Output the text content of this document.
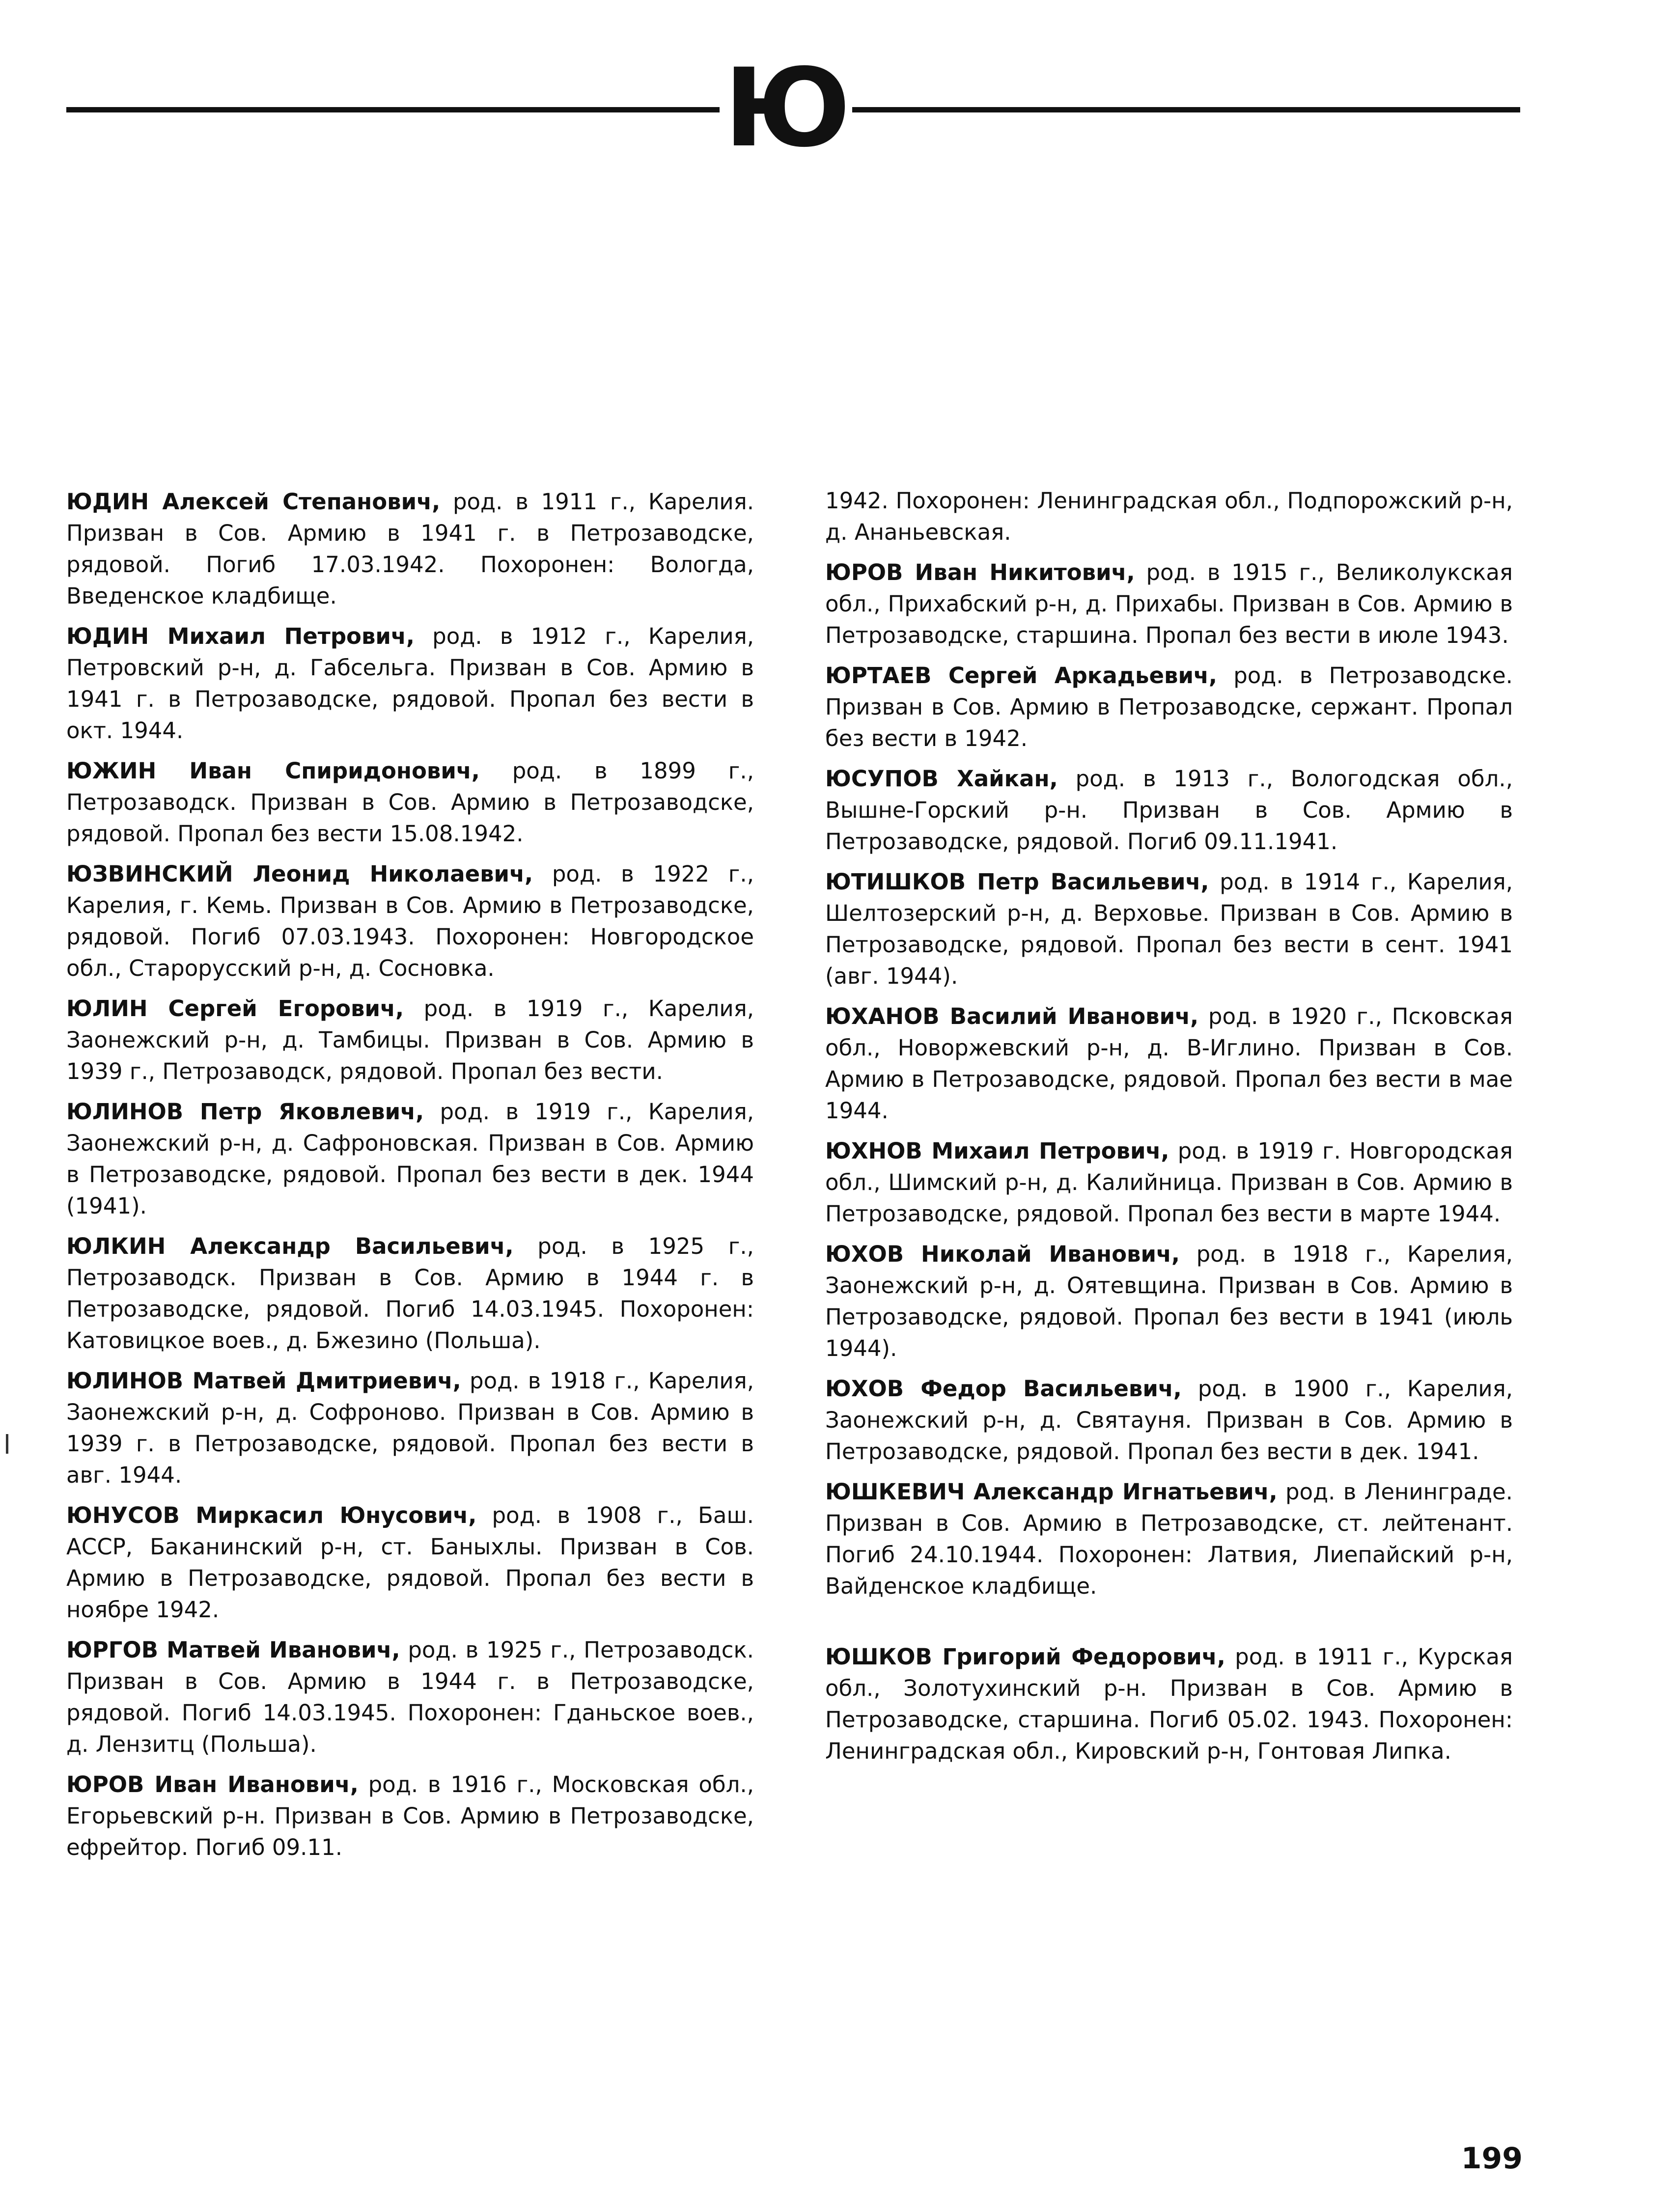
Ю

ЮДИН Алексей Степанович, род. в 1911 г., Карелия. Призван в Сов. Армию в 1941 г. в Петрозаводске, рядовой. Погиб 17.03.1942. Похоронен: Вологда, Введенское кладбище.

ЮДИН Михаил Петрович, род. в 1912 г., Карелия, Петровский р-н, д. Габсельга. Призван в Сов. Армию в 1941 г. в Петрозаводске, рядовой. Пропал без вести в окт. 1944.

ЮЖИН Иван Спиридонович, род. в 1899 г., Петрозаводск. Призван в Сов. Армию в Петрозаводске, рядовой. Пропал без вести 15.08.1942.

ЮЗВИНСКИЙ Леонид Николаевич, род. в 1922 г., Карелия, г. Кемь. Призван в Сов. Армию в Петрозаводске, рядовой. Погиб 07.03.1943. Похоронен: Новгородское обл., Старорусский р-н, д. Сосновка.

ЮЛИН Сергей Егорович, род. в 1919 г., Карелия, Заонежский р-н, д. Тамбицы. Призван в Сов. Армию в 1939 г., Петрозаводск, рядовой. Пропал без вести.

ЮЛИНОВ Петр Яковлевич, род. в 1919 г., Карелия, Заонежский р-н, д. Сафроновская. Призван в Сов. Армию в Петрозаводске, рядовой. Пропал без вести в дек. 1944 (1941).

ЮЛКИН Александр Васильевич, род. в 1925 г., Петрозаводск. Призван в Сов. Армию в 1944 г. в Петрозаводске, рядовой. Погиб 14.03.1945. Похоронен: Катовицкое воев., д. Бжезино (Польша).

ЮЛИНОВ Матвей Дмитриевич, род. в 1918 г., Карелия, Заонежский р-н, д. Софроново. Призван в Сов. Армию в 1939 г. в Петрозаводске, рядовой. Пропал без вести в авг. 1944.

ЮНУСОВ Миркасил Юнусович, род. в 1908 г., Баш. АССР, Баканинский р-н, ст. Баныхлы. Призван в Сов. Армию в Петрозаводске, рядовой. Пропал без вести в ноябре 1942.

ЮРГОВ Матвей Иванович, род. в 1925 г., Петрозаводск. Призван в Сов. Армию в 1944 г. в Петрозаводске, рядовой. Погиб 14.03.1945. Похоронен: Гданьское воев., д. Лензитц (Польша).

ЮРОВ Иван Иванович, род. в 1916 г., Московская обл., Егорьевский р-н. Призван в Сов. Армию в Петрозаводске, ефрейтор. Погиб 09.11.

1942. Похоронен: Ленинградская обл., Подпорожский р-н, д. Ананьевская.

ЮРОВ Иван Никитович, род. в 1915 г., Великолукская обл., Прихабский р-н, д. Прихабы. Призван в Сов. Армию в Петрозаводске, старшина. Пропал без вести в июле 1943.

ЮРТАЕВ Сергей Аркадьевич, род. в Петрозаводске. Призван в Сов. Армию в Петрозаводске, сержант. Пропал без вести в 1942.

ЮСУПОВ Хайкан, род. в 1913 г., Вологодская обл., Вышне-Горский р-н. Призван в Сов. Армию в Петрозаводске, рядовой. Погиб 09.11.1941.

ЮТИШКОВ Петр Васильевич, род. в 1914 г., Карелия, Шелтозерский р-н, д. Верховье. Призван в Сов. Армию в Петрозаводске, рядовой. Пропал без вести в сент. 1941 (авг. 1944).

ЮХАНОВ Василий Иванович, род. в 1920 г., Псковская обл., Новоржевский р-н, д. В-Иглино. Призван в Сов. Армию в Петрозаводске, рядовой. Пропал без вести в мае 1944.

ЮХНОВ Михаил Петрович, род. в 1919 г. Новгородская обл., Шимский р-н, д. Калийница. Призван в Сов. Армию в Петрозаводске, рядовой. Пропал без вести в марте 1944.

ЮХОВ Николай Иванович, род. в 1918 г., Карелия, Заонежский р-н, д. Оятевщина. Призван в Сов. Армию в Петрозаводске, рядовой. Пропал без вести в 1941 (июль 1944).

ЮХОВ Федор Васильевич, род. в 1900 г., Карелия, Заонежский р-н, д. Святауня. Призван в Сов. Армию в Петрозаводске, рядовой. Пропал без вести в дек. 1941.

ЮШКЕВИЧ Александр Игнатьевич, род. в Ленинграде. Призван в Сов. Армию в Петрозаводске, ст. лейтенант. Погиб 24.10.1944. Похоронен: Латвия, Лиепайский р-н, Вайденское кладбище.

ЮШКОВ Григорий Федорович, род. в 1911 г., Курская обл., Золотухинский р-н. Призван в Сов. Армию в Петрозаводске, старшина. Погиб 05.02. 1943. Похоронен: Ленинградская обл., Кировский р-н, Гонтовая Липка.

199
